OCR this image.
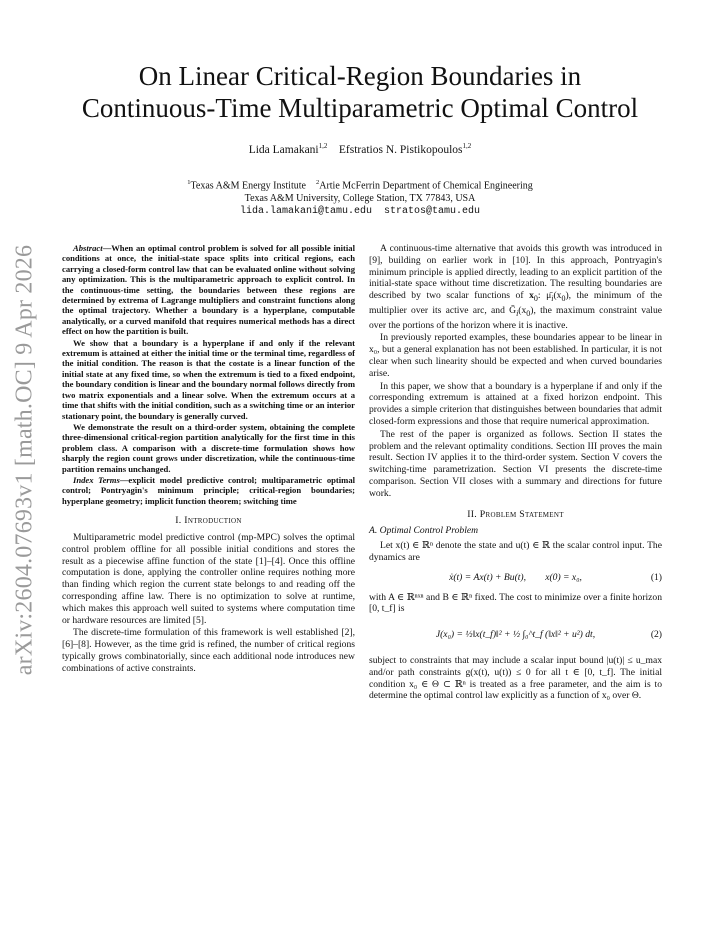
On Linear Critical-Region Boundaries in
Continuous-Time Multiparametric Optimal Control
Lida Lamakani$^{1,2}$ Efstratios N. Pistikopoulos$^{1,2}$
$^1$Texas A&M Energy Institute $^2$Artie McFerrin Department of Chemical Engineering
Texas A&M University, College Station, TX 77843, USA
lida.lamakani@tamu.edu  stratos@tamu.edu
arXiv:2604.07693v1 [math.OC] 9 Apr 2026	Abstract—When an optimal control problem is solved for all possible initial conditions at once, the initial-state space splits into critical regions, each carrying a closed-form control law that can be evaluated online without solving any optimization. This is the multiparametric approach to explicit control. In the continuous-time setting, the boundaries between these regions are determined by extrema of Lagrange multipliers and constraint functions along the optimal trajectory. Whether a boundary is a hyperplane, computable analytically, or a curved manifold that requires numerical methods has a direct effect on how the partition is built.

We show that a boundary is a hyperplane if and only if the relevant extremum is attained at either the initial time or the terminal time, regardless of the initial condition. The reason is that the costate is a linear function of the initial state at any fixed time, so when the extremum is tied to a fixed endpoint, the boundary condition is linear and the boundary normal follows directly from two matrix exponentials and a linear solve. When the extremum occurs at a time that shifts with the initial condition, such as a switching time or an interior stationary point, the boundary is generally curved.

We demonstrate the result on a third-order system, obtaining the complete three-dimensional critical-region partition analytically for the first time in this problem class. A comparison with a discrete-time formulation shows how sharply the region count grows under discretization, while the continuous-time partition remains unchanged.

Index Terms—explicit model predictive control; multiparametric optimal control; Pontryagin's minimum principle; critical-region boundaries; hyperplane geometry; implicit function theorem; switching time

I. Introduction

Multiparametric model predictive control (mp-MPC) solves the optimal control problem offline for all possible initial conditions and stores the result as a piecewise affine function of the state [1]–[4]. Once this offline computation is done, applying the controller online requires nothing more than finding which region the current state belongs to and reading off the corresponding affine law. There is no optimization to solve at runtime, which makes this approach well suited to systems where computation time or hardware resources are limited [5].

The discrete-time formulation of this framework is well established [2], [6]–[8]. However, as the time grid is refined, the number of critical regions typically grows combinatorially, since each additional node introduces new combinations of active constraints.

A continuous-time alternative that avoids this growth was introduced in [9], building on earlier work in [10]. In this approach, Pontryagin's minimum principle is applied directly, leading to an explicit partition of the initial-state space without time discretization. The resulting boundaries are described by two scalar functions of $x_0$: $\mū_i(x_0)$, the minimum of the multiplier over its active arc, and $Ḡ_i(x_0)$, the maximum constraint value over the portions of the horizon where it is inactive.

In previously reported examples, these boundaries appear to be linear in x₀, but a general explanation has not been established. In particular, it is not clear when such linearity should be expected and when curved boundaries arise.

In this paper, we show that a boundary is a hyperplane if and only if the corresponding extremum is attained at a fixed horizon endpoint. This provides a simple criterion that distinguishes between boundaries that admit closed-form expressions and those that require numerical approximation.

The rest of the paper is organized as follows. Section II states the problem and the relevant optimality conditions. Section III proves the main result. Section IV applies it to the third-order system. Section V covers the switching-time parametrization. Section VI presents the discrete-time comparison. Section VII closes with a summary and directions for future work.

II. Problem Statement
A. Optimal Control Problem

Let x(t) ∈ ℝⁿ denote the state and u(t) ∈ ℝ the scalar control input. The dynamics are

ẋ(t) = Ax(t) + Bu(t),        x(0) = x₀,	(1)

with A ∈ ℝⁿˣⁿ and B ∈ ℝⁿ fixed. The cost to minimize over a finite horizon [0, t_f] is

J(x₀) = ½‖x(t_f)‖² + ½ ∫₀^t_f (‖x‖² + u²) dt,	(2)

subject to constraints that may include a scalar input bound |u(t)| ≤ u_max and/or path constraints g(x(t), u(t)) ≤ 0 for all t ∈ [0, t_f]. The initial condition x₀ ∈ Θ ⊂ ℝⁿ is treated as a free parameter, and the aim is to determine the optimal control law explicitly as a function of x₀ over Θ.
